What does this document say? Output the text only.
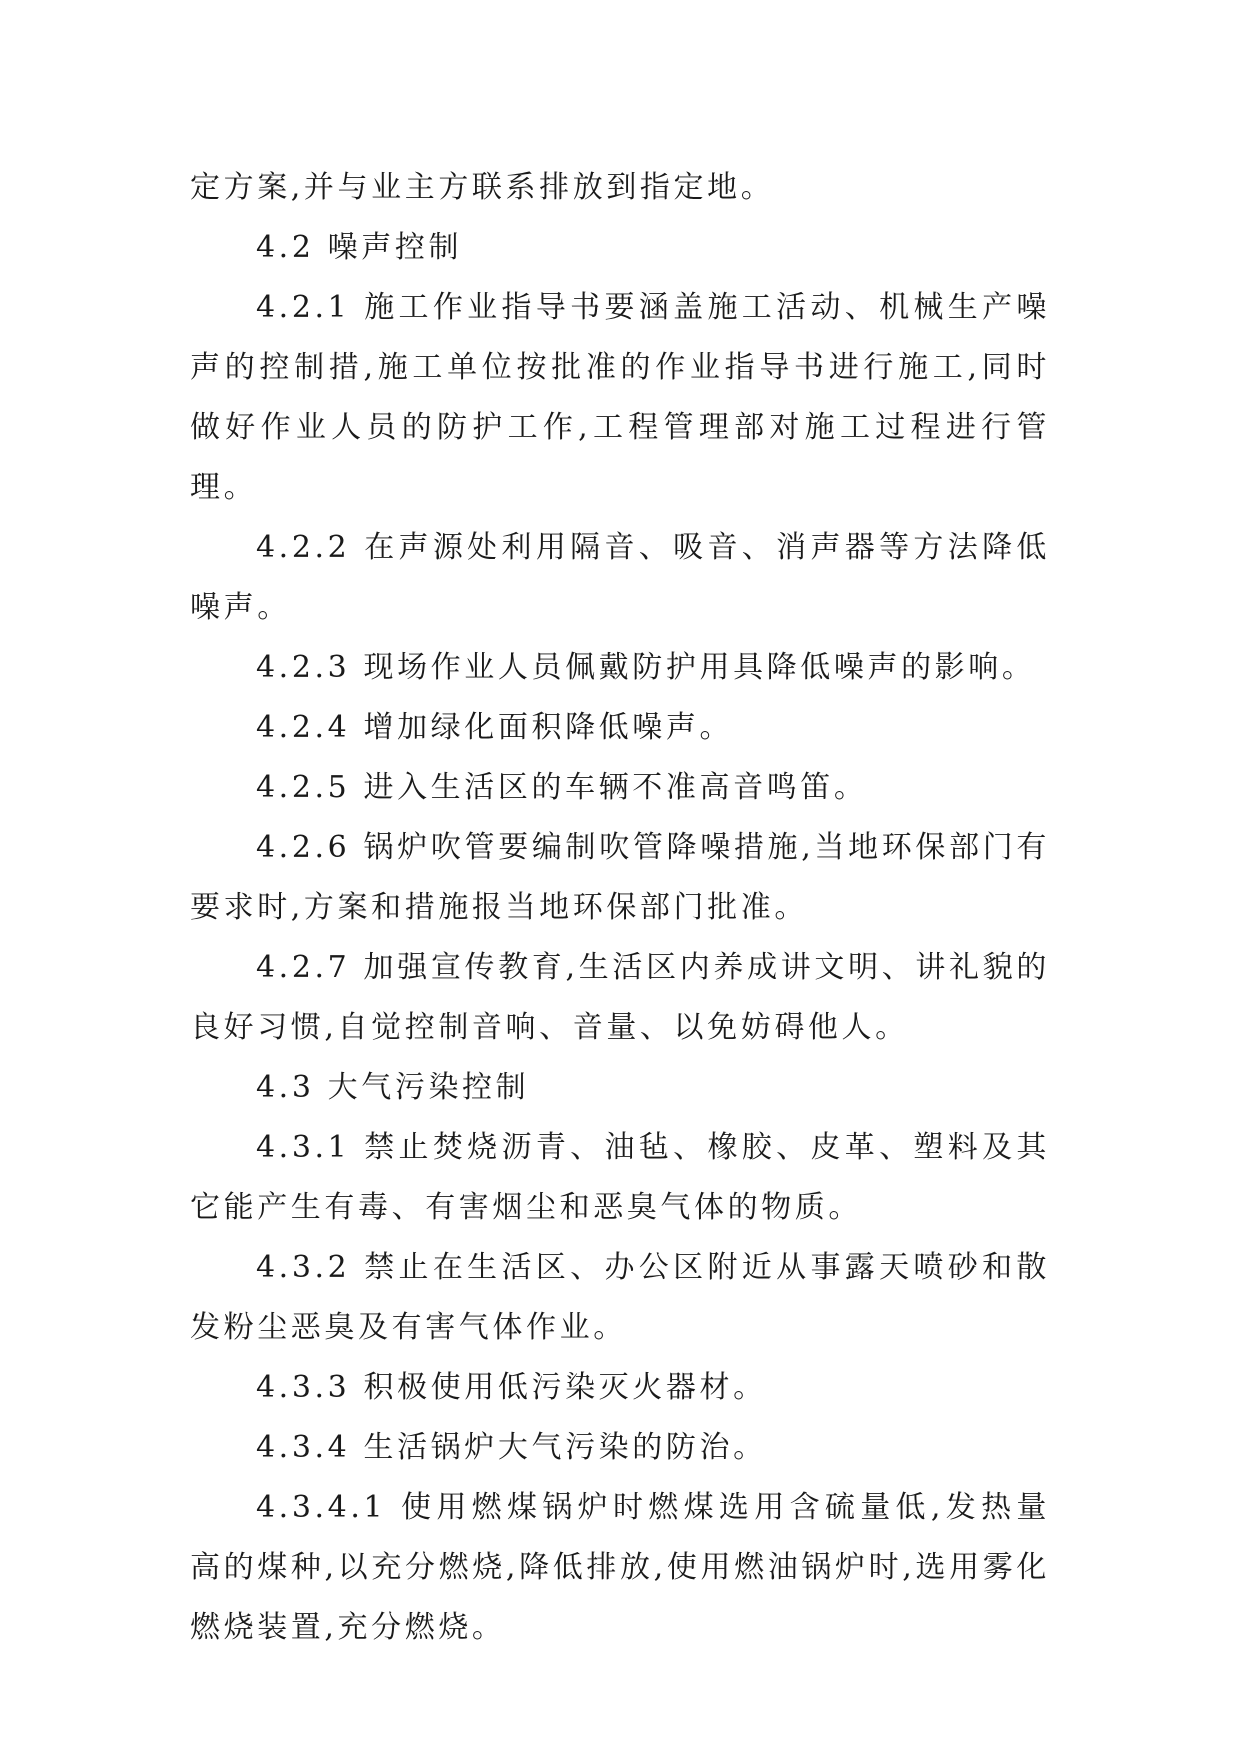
定方案,并与业主方联系排放到指定地。

4.2 噪声控制

4.2.1 施工作业指导书要涵盖施工活动、机械生产噪声的控制措,施工单位按批准的作业指导书进行施工,同时做好作业人员的防护工作,工程管理部对施工过程进行管理。

4.2.2 在声源处利用隔音、吸音、消声器等方法降低噪声。

4.2.3 现场作业人员佩戴防护用具降低噪声的影响。

4.2.4 增加绿化面积降低噪声。

4.2.5 进入生活区的车辆不准高音鸣笛。

4.2.6 锅炉吹管要编制吹管降噪措施,当地环保部门有要求时,方案和措施报当地环保部门批准。

4.2.7 加强宣传教育,生活区内养成讲文明、讲礼貌的良好习惯,自觉控制音响、音量、以免妨碍他人。

4.3 大气污染控制

4.3.1 禁止焚烧沥青、油毡、橡胶、皮革、塑料及其它能产生有毒、有害烟尘和恶臭气体的物质。

4.3.2 禁止在生活区、办公区附近从事露天喷砂和散发粉尘恶臭及有害气体作业。

4.3.3 积极使用低污染灭火器材。

4.3.4 生活锅炉大气污染的防治。

4.3.4.1 使用燃煤锅炉时燃煤选用含硫量低,发热量高的煤种,以充分燃烧,降低排放,使用燃油锅炉时,选用雾化燃烧装置,充分燃烧。
